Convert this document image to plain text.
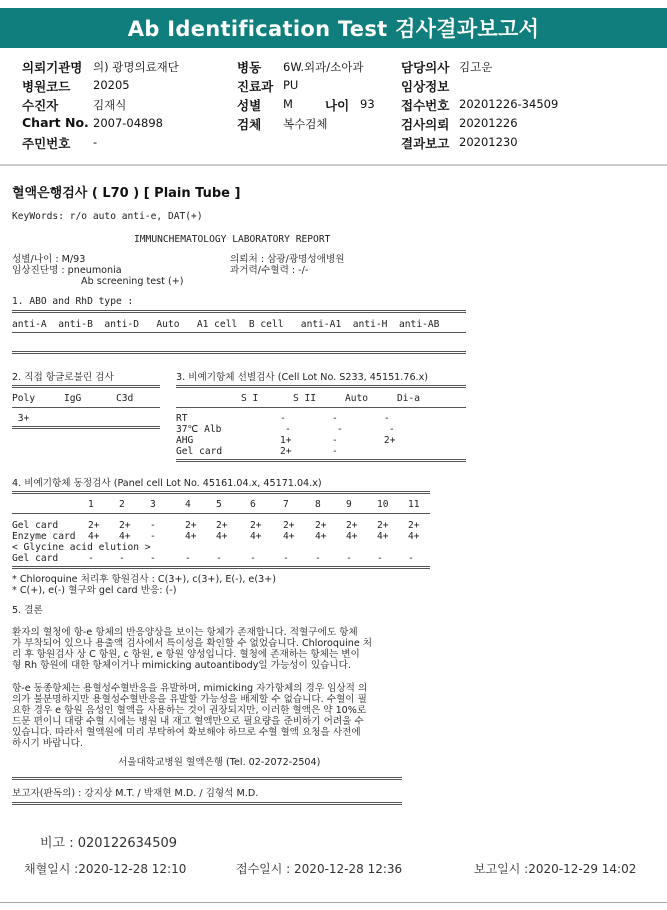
Ab Identification Test 검사결과보고서
의뢰기관명 의) 광명의료재단
병원코드 20205
수진자	김재식
Chart No. 2007-04898
주민번호 -
병동 6W.외과/소아과
진료과 PU
성별 M	나이 93
검체 복수검체
담당의사 김고운
임상정보
접수번호 20201226-34509
검사의뢰 20201226
결과보고 20201230
혈액은행검사 ( L70 ) [ Plain Tube ]
KeyWords: r/o auto anti-e, DAT(+)
IMMUNCHEMATOLOGY LABORATORY REPORT
성별/나이 : M/93
임상진단명 : pneumonia
Ab screening test (+)
의뢰처 : 삼광/광명성애병원
과거력/수혈력 : -/-
1. ABO and RhD type :
anti-A  anti-B  anti-D   Auto   A1 cell  B cell   anti-A1  anti-H  anti-AB
2. 직접 항글로불린 검사
Poly     IgG      C3d
3+
3. 비예기항체 선별검사 (Cell Lot No. S233, 45151.76.x)
S I      S II     Auto     Di-a
RT                -        -        -
37℃ Alb           -        -        -
AHG               1+       -        2+
Gel card          2+       -
4. 비예기항체 동정검사 (Panel cell Lot No. 45161.04.x, 45171.04.x)
1	2	3	4	5	6	7	8	9	10 11
Gel card	2+ 2+ -	2+ 2+ 2+ 2+ 2+ 2+ 2+ 2+
Enzyme card 4+ 4+ -	4+ 4+ 4+ 4+ 4+ 4+ 4+ 4+
< Glycine acid elution >
Gel card	-	-	-	-	-	-	-	-	-	-	-
* Chloroquine 처리후 항원검사 : C(3+), c(3+), E(-), e(3+)
* C(+), e(-) 혈구와 gel card 반응: (-)
5. 결론
환자의 혈청에 항-e 항체의 반응양상을 보이는 항체가 존재합니다. 적혈구에도 항체
가 부착되어 있으나 용출액 검사에서 특이성을 확인할 수 없었습니다. Chloroquine 처
리 후 항원검사 상 C 항원, c 항원, e 항원 양성입니다. 혈청에 존재하는 항체는 변이
형 Rh 항원에 대한 항체이거나 mimicking autoantibody일 가능성이 있습니다.
항-e 동종항체는 용혈성수혈반응을 유발하며, mimicking 자가항체의 경우 임상적 의
의가 불분명하지만 용혈성수혈반응을 유발할 가능성을 배제할 수 없습니다. 수혈이 필
요한 경우 e 항원 음성인 혈액을 사용하는 것이 권장되지만, 이러한 혈액은 약 10%로
드문 편이니 대량 수혈 시에는 병원 내 재고 혈액만으로 필요량을 준비하기 어려울 수
있습니다. 따라서 혈액원에 미리 부탁하여 확보해야 하므로 수혈 혈액 요청을 사전에
하시기 바랍니다.
서울대학교병원 혈액은행 (Tel. 02-2072-2504)
보고자(판독의) : 강지상 M.T. / 박재현 M.D. / 김형석 M.D.
비고 : 020122634509
채혈일시 :2020-12-28 12:10	접수일시 : 2020-12-28 12:36	보고일시 :2020-12-29 14:02
